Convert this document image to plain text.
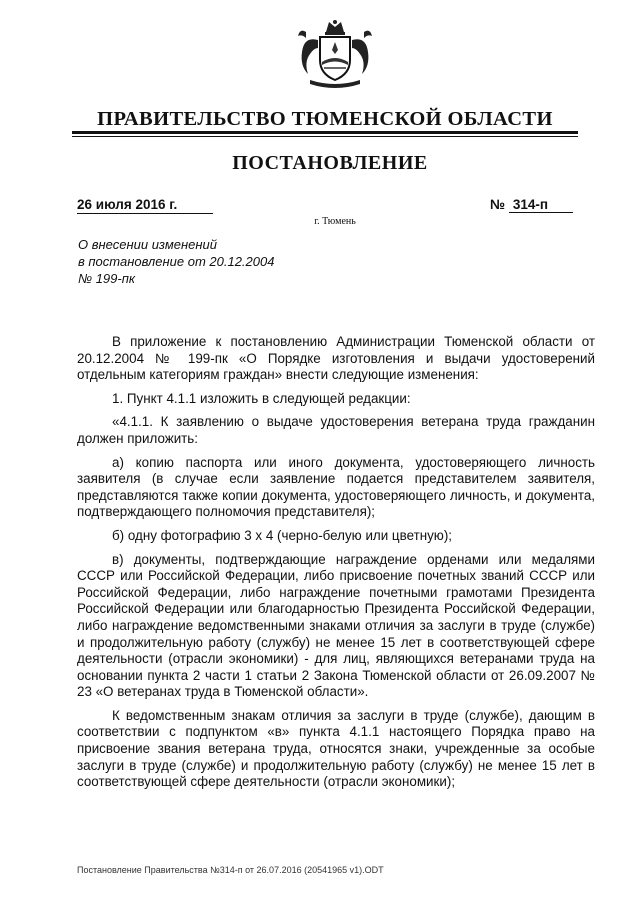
ПРАВИТЕЛЬСТВО ТЮМЕНСКОЙ ОБЛАСТИ
ПОСТАНОВЛЕНИЕ
26 июля 2016 г.	№ 314-п
г. Тюмень
О внесении изменений
в постановление от 20.12.2004
№ 199-пк

В приложение к постановлению Администрации Тюменской области от 20.12.2004 № 199-пк «О Порядке изготовления и выдачи удостоверений отдельным категориям граждан» внести следующие изменения:

1. Пункт 4.1.1 изложить в следующей редакции:

«4.1.1. К заявлению о выдаче удостоверения ветерана труда гражданин должен приложить:

а) копию паспорта или иного документа, удостоверяющего личность заявителя (в случае если заявление подается представителем заявителя, представляются также копии документа, удостоверяющего личность, и документа, подтверждающего полномочия представителя);

б) одну фотографию 3 х 4 (черно-белую или цветную);

в) документы, подтверждающие награждение орденами или медалями СССР или Российской Федерации, либо присвоение почетных званий СССР или Российской Федерации, либо награждение почетными грамотами Президента Российской Федерации или благодарностью Президента Российской Федерации, либо награждение ведомственными знаками отличия за заслуги в труде (службе) и продолжительную работу (службу) не менее 15 лет в соответствующей сфере деятельности (отрасли экономики) - для лиц, являющихся ветеранами труда на основании пункта 2 части 1 статьи 2 Закона Тюменской области от 26.09.2007 № 23 «О ветеранах труда в Тюменской области».

К ведомственным знакам отличия за заслуги в труде (службе), дающим в соответствии с подпунктом «в» пункта 4.1.1 настоящего Порядка право на присвоение звания ветерана труда, относятся знаки, учрежденные за особые заслуги в труде (службе) и продолжительную работу (службу) не менее 15 лет в соответствующей сфере деятельности (отрасли экономики);

Постановление Правительства №314-п от 26.07.2016 (20541965 v1).ODT
